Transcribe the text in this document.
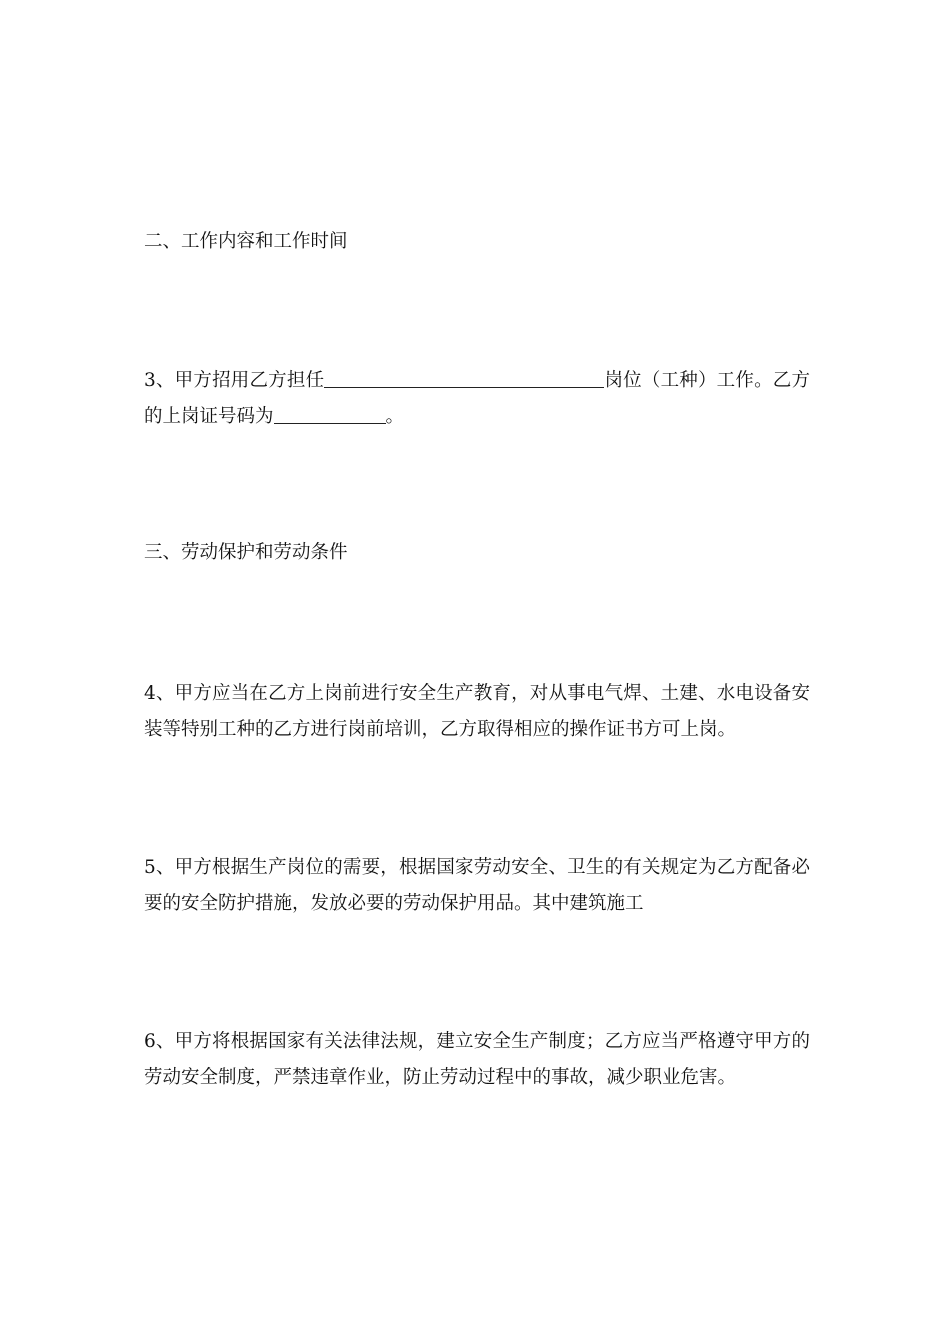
二、工作内容和工作时间
3、甲方招用乙方担任	岗位（工种）工作。乙方的上岗证号码为	。
三、劳动保护和劳动条件
4、甲方应当在乙方上岗前进行安全生产教育，对从事电气焊、土建、水电设备安装等特别工种的乙方进行岗前培训，乙方取得相应的操作证书方可上岗。
5、甲方根据生产岗位的需要，根据国家劳动安全、卫生的有关规定为乙方配备必要的安全防护措施，发放必要的劳动保护用品。其中建筑施工
6、甲方将根据国家有关法律法规，建立安全生产制度；乙方应当严格遵守甲方的劳动安全制度，严禁违章作业，防止劳动过程中的事故，减少职业危害。
